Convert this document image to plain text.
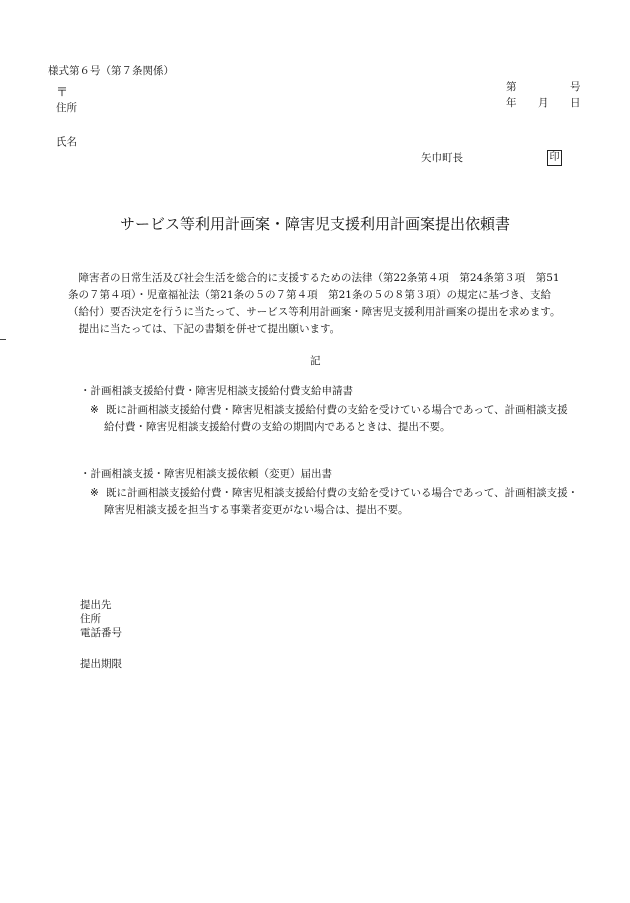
様式第６号（第７条関係）
〒
住所
氏名
第	号
年 月 日
矢巾町長	印
サービス等利用計画案・障害児支援利用計画案提出依頼書
　障害者の日常生活及び社会生活を総合的に支援するための法律（第22条第４項　第24条第３項　第51
条の７第４項）・児童福祉法（第21条の５の７第４項　第21条の５の８第３項）の規定に基づき、支給
（給付）要否決定を行うに当たって、サービス等利用計画案・障害児支援利用計画案の提出を求めます。
　提出に当たっては、下記の書類を併せて提出願います。
記
・計画相談支援給付費・障害児相談支援給付費支給申請書
※ 既に計画相談支援給付費・障害児相談支援給付費の支給を受けている場合であって、計画相談支援
給付費・障害児相談支援給付費の支給の期間内であるときは、提出不要。
・計画相談支援・障害児相談支援依頼（変更）届出書
※ 既に計画相談支援給付費・障害児相談支援給付費の支給を受けている場合であって、計画相談支援・
障害児相談支援を担当する事業者変更がない場合は、提出不要。
提出先
住所
電話番号
提出期限
